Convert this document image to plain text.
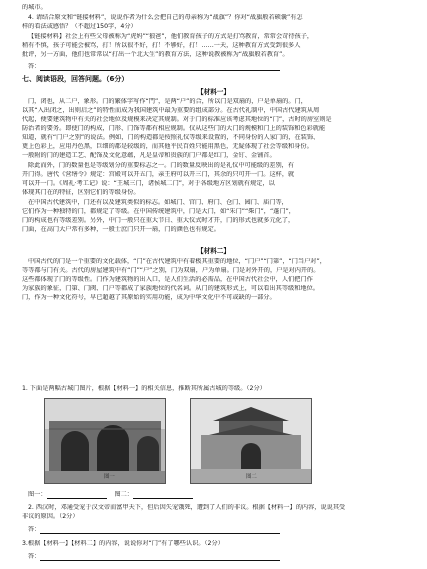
的城市。
4. 请结合原文和“链接材料”，说说作者为什么会把自己的母亲称为“战旗”？你对“战旗般若硕囊”有怎
样的看法或感悟？（不超过150字，4分）
【链接材料】社会上有些父母被称为“虎妈”“狼爸”，他们教育孩子的方式是打骂教育，常常会苛待孩子，
稍有不慎，孩子可能会被骂，打！所以很不好，打！不够好，打！……一天，这种教育方式受到很多人
批评，另一方面，他们也常常以“打出一个北大生”的教育方法，这种说教被称为“战旗般若教育”。
答：
七、阅读语段，回答问题。（6分）
【材料一】
门，闭也，从二户，象形。门的繁体字写作“門”，是两“户”的合，所以门是双扇的，户是单扇的。门，
以其“入出闭之，出则启之”的特性而成为我国建筑中最为重要的组成部分。在古代礼制中，中国古代建筑从周
代起，便要建筑物中有关的社会地位及规模来决定其规制。对于门的标准应该考虑其地位的“门”，古时的房室则是
防治者的要务。即使门的构成，门形、门饰等都有相应规制。仅从这些门的大门的规模和门上的装饰和色彩就能
知道，就有“门户之别”的说法。例如，门的构造都是按照礼仪等级来设置的，不同身份的人家门的，在装饰、
更上色彩上，应用丹色黑，巨细的都是较级的，而其他平民百姓只能用黑色，无疑体现了社会等级和身份。
一般附的门的建造工艺、配饰及文化意蕴，凡是皇帝和贵族的门户都是红门，金钉、金铺首。
除此而外，门的数量也是等级划分的重要标志之一。门的数量反映出的是礼仪中可能级的差别，有
开门得。唐代《营缮令》规定：宫殿可以开五门，亲王府可以开三门，其余的只可开一门。这样，就
可以开一门。《周礼·考工记》说：“王城三门，诸侯城二门”，对于各级地方区划就有规定，以
体现其门在的特征，区别它们的等级身份。
在中国古代建筑中，门还有以及建筑类似的标志。如城门、宫门、府门、仓门、园门、庙门等，
它们作为一种独特的门，都规定了等级。在中国传统建筑中，门是大门，如“朱门”“柴门”，“蓬门”，
门的构成也有等级差别。另外，中门一般只在重大节日、重大仪式时才开，门的形式也就多元化了，
门面，在高门大户常有多种，一般士庶门只开一扇，门的颜色也有规定。
【材料二】
中国古代的门是一个重要的文化载体，“门”在古代建筑中有着极其重要的地位，“门户”“门第”，“门当户对”，
等等都与门有关。古代的房屋建筑中有“门”“户”之别，门为双扇，户为单扇。门是对外开的，户是对内开的。
这些都体现了门的等级性。门作为建筑物的出入口，是人们生活的必需品，在中国古代社会中，人们把门作
为家族的象征，门第、门阀、门户等都成了家族地位的代名词。从门的建筑形式上，可以看出其等级和地位。
门，作为一种文化符号，早已超越了其原始的实用功能，成为中华文化中不可或缺的一部分。
1. 下面是两幅古城门图片，根据【材料一】的相关信息，推断其所属古城的等级。（2分）
图一	图二
图一：	图二：
2. 西汉时，邓通受宠于汉文帝而富甲天下，但后因失宠饿死，遭到了人们的非议。根据【材料一】的内容，说说其受
非议的原因。（2分）
答：
3.根据【材料一】【材料二】的内容，说说你对“门”有了哪些认识。（2分）
答：
